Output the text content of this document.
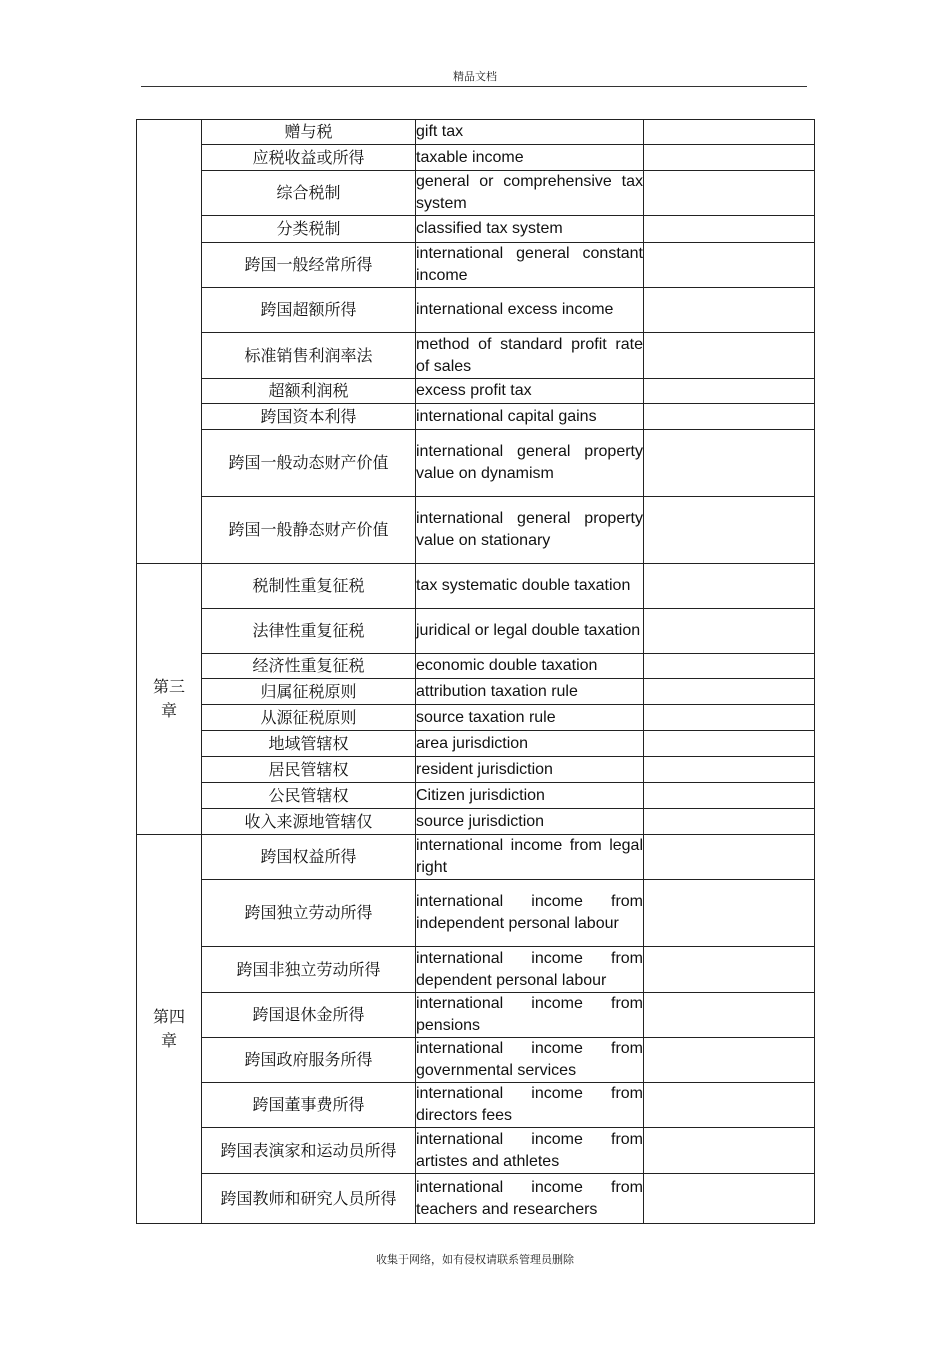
精品文档
	赠与税	gift tax	
	应税收益或所得	taxable income	
	综合税制	general or comprehensive tax system	
	分类税制	classified tax system	
	跨国一般经常所得	international general constant income	
	跨国超额所得	international excess income	
	标准销售利润率法	method of standard profit rate of sales	
	超额利润税	excess profit tax	
	跨国资本利得	international capital gains	
	跨国一般动态财产价值	international general property value on dynamism	
	跨国一般静态财产价值	international general property value on stationary	
第三章	税制性重复征税	tax systematic double taxation	
	法律性重复征税	juridical or legal double taxation	
	经济性重复征税	economic double taxation	
	归属征税原则	attribution taxation rule	
	从源征税原则	source taxation rule	
	地域管辖权	area jurisdiction	
	居民管辖权	resident jurisdiction	
	公民管辖权	Citizen jurisdiction	
	收入来源地管辖仅	source jurisdiction	
第四章	跨国权益所得	international income from legal right	
	跨国独立劳动所得	international income from independent personal labour	
	跨国非独立劳动所得	international income from dependent personal labour	
	跨国退休金所得	international income from pensions	
	跨国政府服务所得	international income from governmental services	
	跨国董事费所得	international income from directors fees	
	跨国表演家和运动员所得	international income from artistes and athletes	
	跨国教师和研究人员所得	international income from teachers and researchers	
收集于网络，如有侵权请联系管理员删除
